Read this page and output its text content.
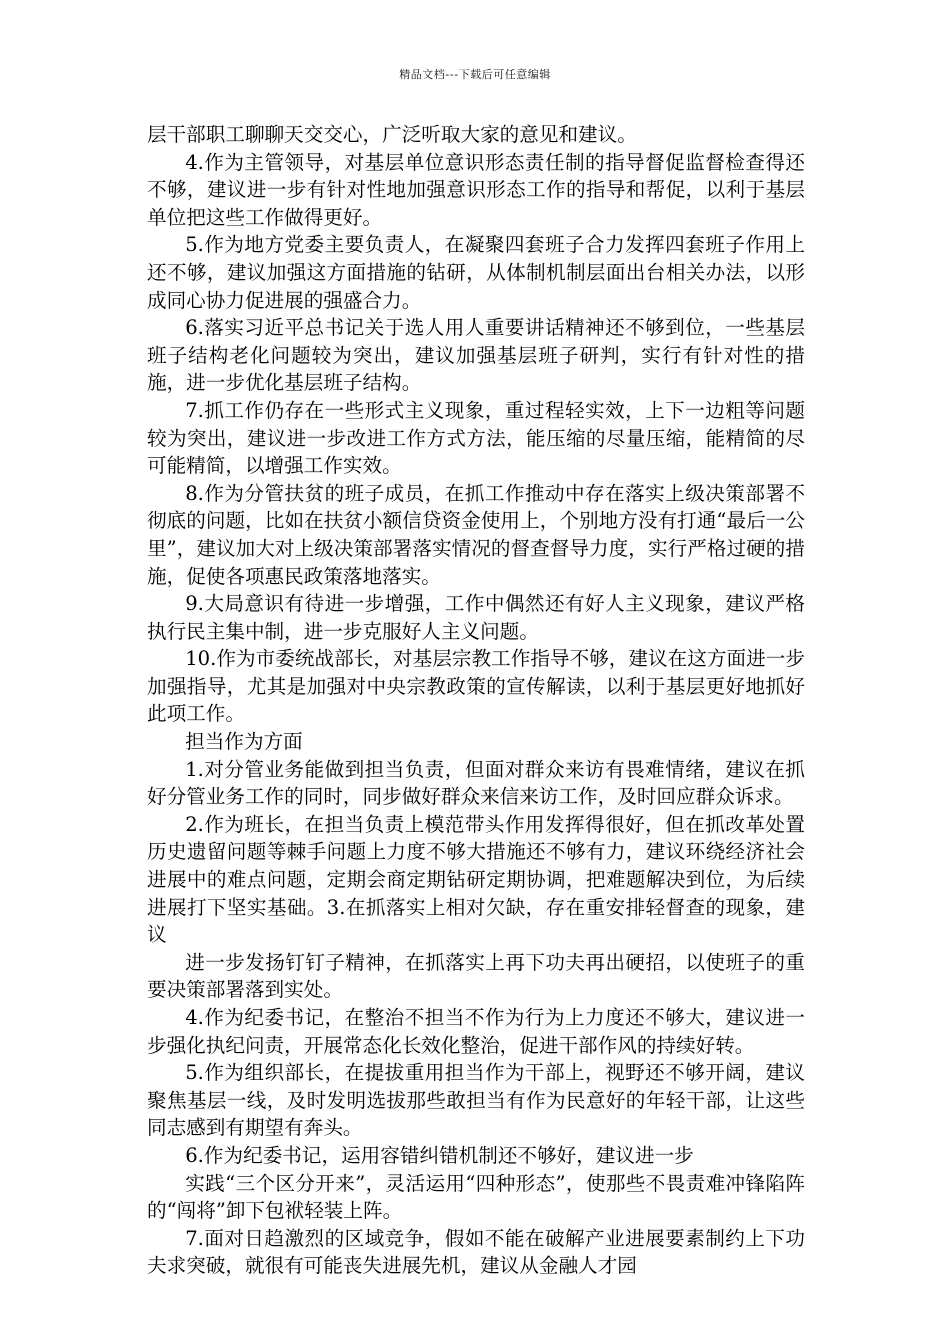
精品文档---下载后可任意编辑

层干部职工聊聊天交交心，广泛听取大家的意见和建议。

4.作为主管领导，对基层单位意识形态责任制的指导督促监督检查得还不够，建议进一步有针对性地加强意识形态工作的指导和帮促，以利于基层单位把这些工作做得更好。

5.作为地方党委主要负责人，在凝聚四套班子合力发挥四套班子作用上还不够，建议加强这方面措施的钻研，从体制机制层面出台相关办法，以形成同心协力促进展的强盛合力。

6.落实习近平总书记关于选人用人重要讲话精神还不够到位，一些基层班子结构老化问题较为突出，建议加强基层班子研判，实行有针对性的措施，进一步优化基层班子结构。

7.抓工作仍存在一些形式主义现象，重过程轻实效，上下一边粗等问题较为突出，建议进一步改进工作方式方法，能压缩的尽量压缩，能精简的尽可能精简，以增强工作实效。

8.作为分管扶贫的班子成员，在抓工作推动中存在落实上级决策部署不彻底的问题，比如在扶贫小额信贷资金使用上，个别地方没有打通“最后一公里”，建议加大对上级决策部署落实情况的督查督导力度，实行严格过硬的措施，促使各项惠民政策落地落实。

9.大局意识有待进一步增强，工作中偶然还有好人主义现象，建议严格执行民主集中制，进一步克服好人主义问题。

10.作为市委统战部长，对基层宗教工作指导不够，建议在这方面进一步加强指导，尤其是加强对中央宗教政策的宣传解读，以利于基层更好地抓好此项工作。

担当作为方面

1.对分管业务能做到担当负责，但面对群众来访有畏难情绪，建议在抓好分管业务工作的同时，同步做好群众来信来访工作，及时回应群众诉求。

2.作为班长，在担当负责上模范带头作用发挥得很好，但在抓改革处置历史遗留问题等棘手问题上力度不够大措施还不够有力，建议环绕经济社会进展中的难点问题，定期会商定期钻研定期协调，把难题解决到位，为后续进展打下坚实基础。3.在抓落实上相对欠缺，存在重安排轻督查的现象，建议

进一步发扬钉钉子精神，在抓落实上再下功夫再出硬招，以使班子的重要决策部署落到实处。

4.作为纪委书记，在整治不担当不作为行为上力度还不够大，建议进一步强化执纪问责，开展常态化长效化整治，促进干部作风的持续好转。

5.作为组织部长，在提拔重用担当作为干部上，视野还不够开阔，建议聚焦基层一线，及时发明选拔那些敢担当有作为民意好的年轻干部，让这些同志感到有期望有奔头。

6.作为纪委书记，运用容错纠错机制还不够好，建议进一步

实践“三个区分开来”，灵活运用“四种形态”，使那些不畏责难冲锋陷阵的“闯将”卸下包袱轻装上阵。

7.面对日趋激烈的区域竞争，假如不能在破解产业进展要素制约上下功夫求突破，就很有可能丧失进展先机，建议从金融人才园
